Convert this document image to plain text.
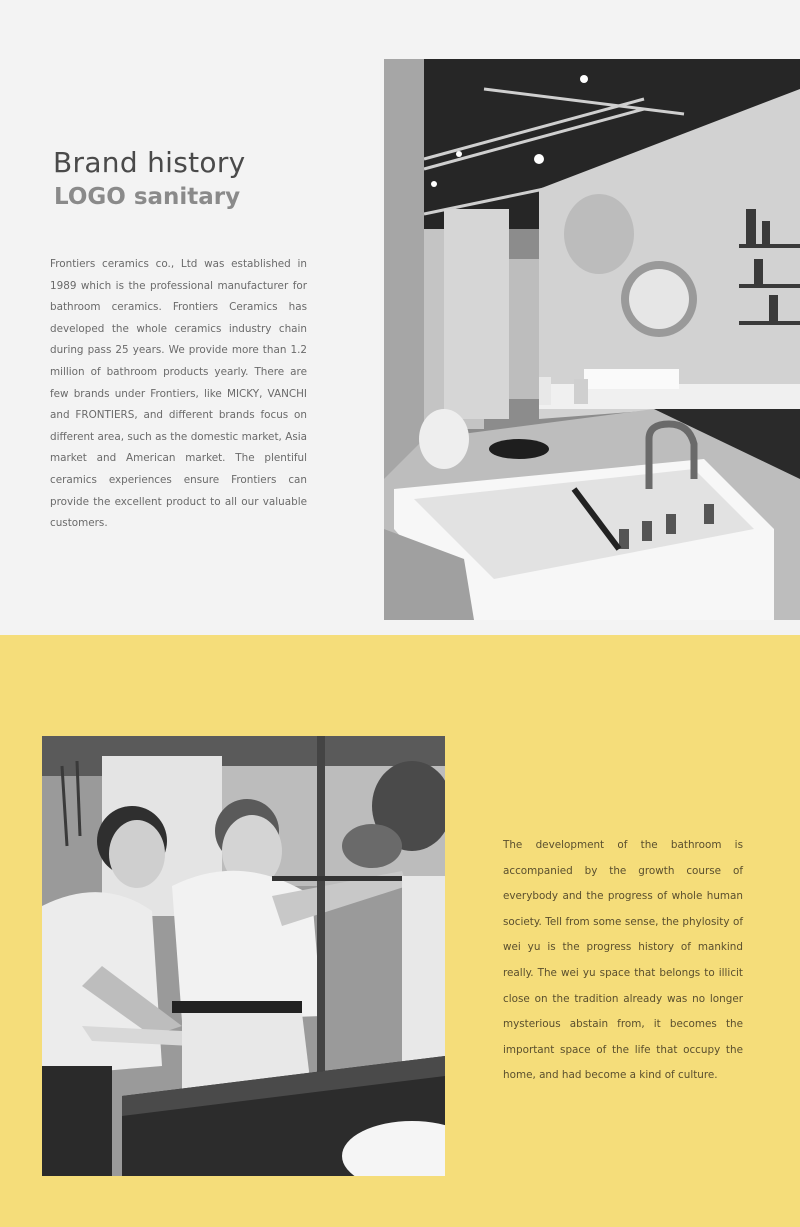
Brand history
LOGO sanitary

Frontiers ceramics co., Ltd was established in 1989 which is the professional manufacturer for bathroom ceramics. Frontiers Ceramics has developed the whole ceramics industry chain during pass 25 years. We provide more than 1.2 million of bathroom products yearly. There are few brands under Frontiers, like MICKY, VANCHI and FRONTIERS, and different brands focus on different area, such as the domestic market, Asia market and American market. The plentiful ceramics experiences ensure Frontiers can provide the excellent product to all our valuable customers.

The development of the bathroom is accompanied by the growth course of everybody and the progress of whole human society. Tell from some sense, the phylosity of wei yu is the progress history of mankind really. The wei yu space that belongs to illicit close on the tradition already was no longer mysterious abstain from, it becomes the important space of the life that occupy the home, and had become a kind of culture.
